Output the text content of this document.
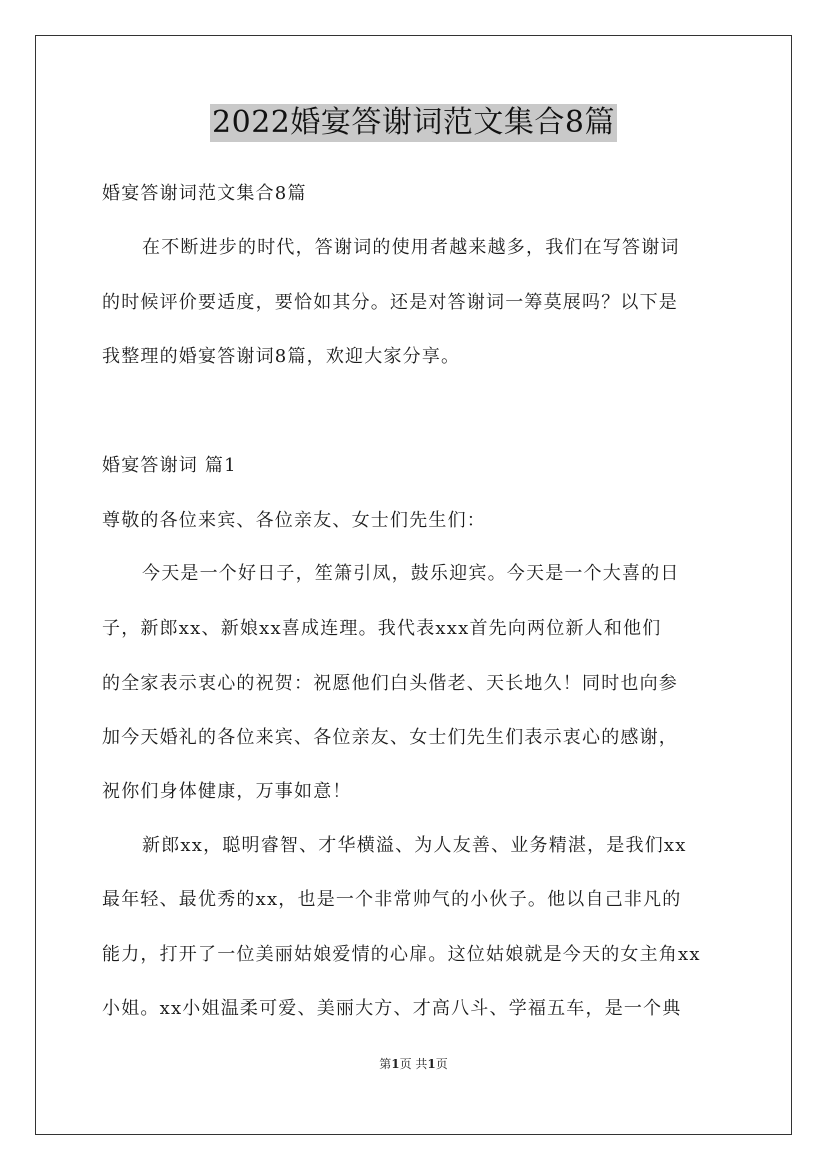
2022婚宴答谢词范文集合8篇
婚宴答谢词范文集合8篇
在不断进步的时代，答谢词的使用者越来越多，我们在写答谢词
的时候评价要适度，要恰如其分。还是对答谢词一筹莫展吗？以下是
我整理的婚宴答谢词8篇，欢迎大家分享。
婚宴答谢词 篇1
尊敬的各位来宾、各位亲友、女士们先生们：
今天是一个好日子，笙箫引凤，鼓乐迎宾。今天是一个大喜的日
子，新郎xx、新娘xx喜成连理。我代表xxx首先向两位新人和他们
的全家表示衷心的祝贺：祝愿他们白头偕老、天长地久！同时也向参
加今天婚礼的各位来宾、各位亲友、女士们先生们表示衷心的感谢，
祝你们身体健康，万事如意！
新郎xx，聪明睿智、才华横溢、为人友善、业务精湛，是我们xx
最年轻、最优秀的xx，也是一个非常帅气的小伙子。他以自己非凡的
能力，打开了一位美丽姑娘爱情的心扉。这位姑娘就是今天的女主角xx
小姐。xx小姐温柔可爱、美丽大方、才高八斗、学福五车，是一个典
第1页 共1页
